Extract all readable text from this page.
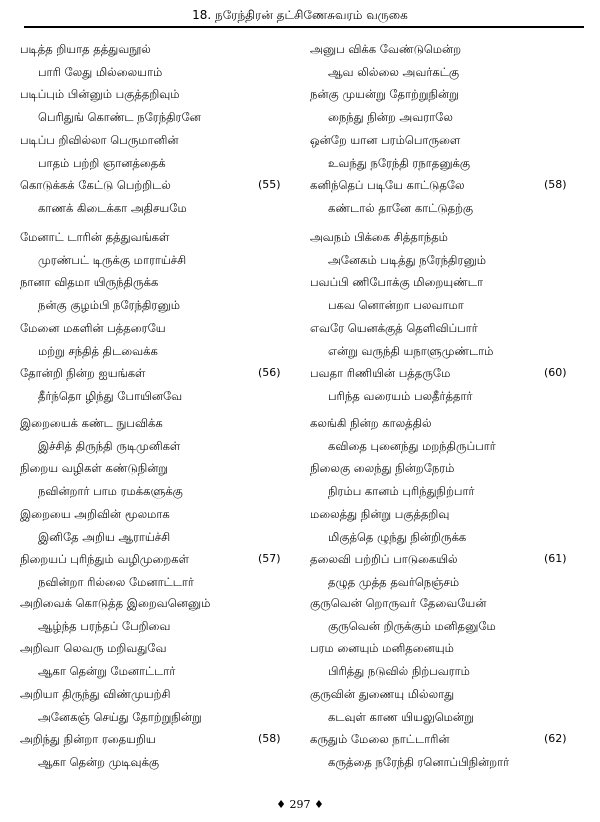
18. நரேந்திரன் தட்சிணேசுவரம் வருகை
படித்த றியாத தத்துவநூல்
பாரி லேது மில்லையாம்
படிப்பும் பின்னும் பகுத்தறிவும்
பெரிதுங் கொண்ட நரேந்திரனே
படிப்ப றிவில்லா பெருமானின்
பாதம் பற்றி ஞானத்தைக்
கொடுக்கக் கேட்டு பெற்றிடல்
காணக் கிடைக்கா அதிசயமே
(55)
அனுப விக்க வேண்டுமென்ற
ஆவ லில்லை அவர்கட்கு
நன்கு முயன்று தோற்றுநின்று
நைந்து நின்ற அவராலே
ஒன்றே யான பரம்பொருளை
உவந்து நரேந்தி ரநாதனுக்கு
கனிந்தெப் படியே காட்டுதலே
கண்டால் தானே காட்டுதற்கு
(58)
மேனாட் டாரின் தத்துவங்கள்
முரண்பட் டிருக்கு மாராய்ச்சி
நானா விதமா யிருந்திருக்க
நன்கு குழம்பி நரேந்திரனும்
மேனை மகளின் பத்தரையே
மற்று சந்தித் திடவைக்க
தோன்றி நின்ற ஐயங்கள்
தீர்ந்தொ ழிந்து போயினவே
(56)
அவநம் பிக்கை சித்தாந்தம்
அனேகம் படித்து நரேந்திரனும்
பவப்பி ணிபோக்கு மிறையுண்டா
பகவ னொன்றா பலவாமா
எவரே யெனக்குத் தெளிவிப்பார்
என்று வருந்தி யநாளுமுண்டாம்
பவதா ரிணியின் பத்தருமே
பரிந்த வரையம் பலதீர்த்தார்
(60)
இறையைக் கண்ட நுபவிக்க
இச்சித் திருந்தி ருடிமுனிகள்
நிறைய வழிகள் கண்டுநின்று
நவின்றார் பாம ரமக்களுக்கு
இறையை அறிவின் மூலமாக
இனிதே அறிய ஆராய்ச்சி
நிறையப் புரிந்தும் வழிமுறைகள்
நவின்றா ரில்லை மேனாட்டார்
(57)
கலங்கி நின்ற காலத்தில்
கவிதை புனைந்து மறந்திருப்பார்
நிலைகு லைந்து நின்றநேரம்
நிரம்ப கானம் புரிந்துநிற்பார்
மலைத்து நின்று பகுத்தறிவு
மிகுத்தெ ழுந்து நின்றிருக்க
தலைவி பற்றிப் பாடுகையில்
தழுத முத்த தவர்நெஞ்சம்
(61)
அறிவைக் கொடுத்த இறைவனெனும்
ஆழ்ந்த பரந்தப் பேறிவை
அறிவா லெவரு மறிவதுவே
ஆகா தென்று மேனாட்டார்
அறியா திருந்து விண்முயற்சி
அனேகஞ் செய்து தோற்றுநின்று
அறிந்து நின்றா ரதையறிய
ஆகா தென்ற முடிவுக்கு
(58)
குருவென் றொருவர் தேவையேன்
குருவென் றிருக்கும் மனிதனுமே
பரம னையும் மனிதனையும்
பிரித்து நடுவில் நிற்பவராம்
குருவின் துணையு மில்லாது
கடவுள் காண யியலுமென்று
கருதும் மேலை நாட்டாரின்
கருத்தை நரேந்தி ரனொப்பிநின்றார்
(62)
♦ 297 ♦
